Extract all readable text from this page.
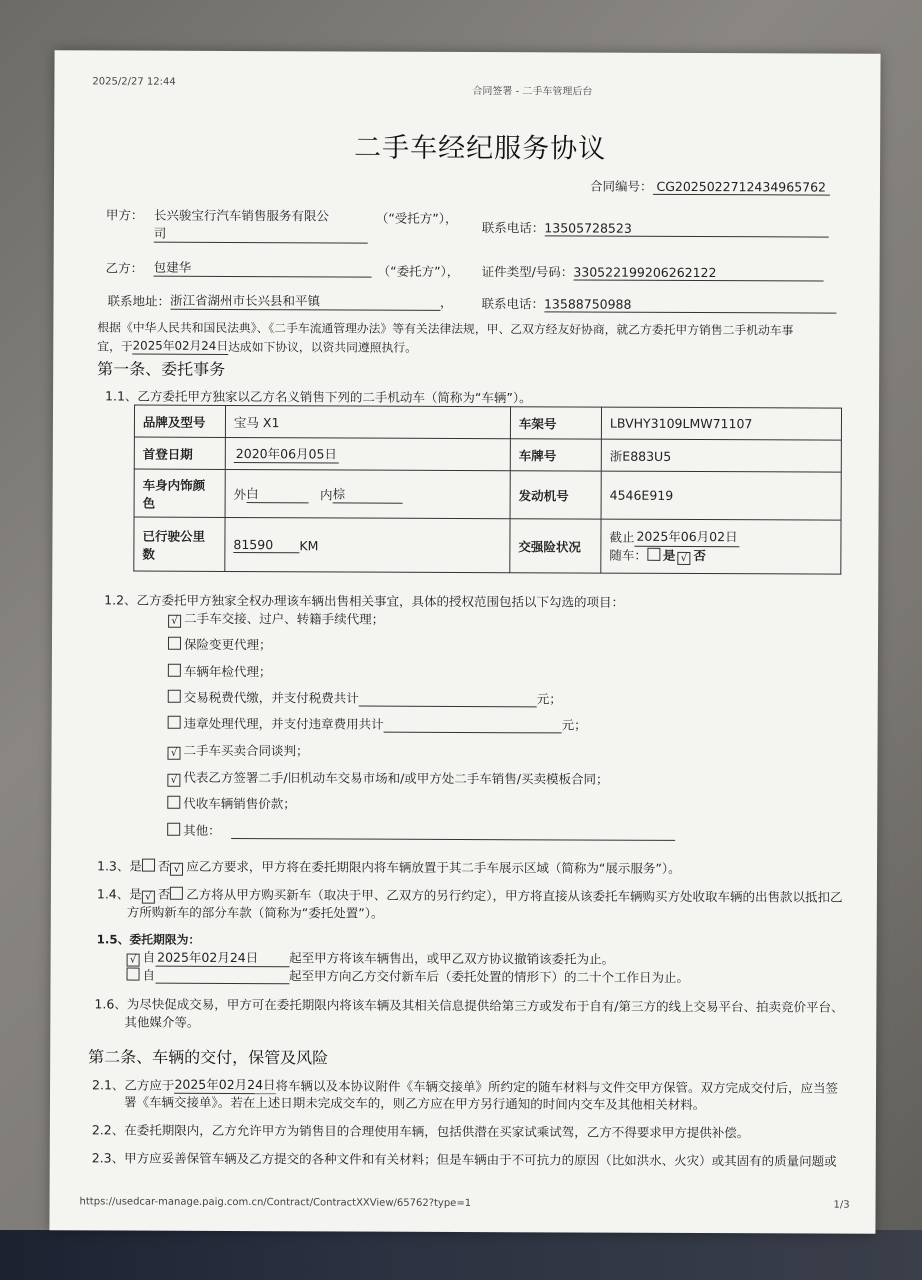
2025/2/27 12:44
合同签署 - 二手车管理后台
二手车经纪服务协议
合同编号： CG2025022712434965762
甲方： 长兴骏宝行汽车销售服务有限公
司
（“受托方”），
联系电话：13505728523
乙方： 包建华	（“委托方”）， 证件类型/号码：330522199206262122
联系地址：浙江省湖州市长兴县和平镇	， 联系电话：13588750988
根据《中华人民共和国民法典》、《二手车流通管理办法》等有关法律法规，甲、乙双方经友好协商，就乙方委托甲方销售二手机动车事
宜，于2025年02月24日达成如下协议，以资共同遵照执行。
第一条、委托事务
1.1、乙方委托甲方独家以乙方名义销售下列的二手机动车（简称为“车辆”）。
品牌及型号	宝马 X1	车架号	LBVHY3109LMW71107
首登日期	2020年06月05日	车牌号	浙E883U5
车身内饰颜色	外白 内棕	发动机号	4546E919
已行驶公里数	81590 KM	交强险状况	截止 2025年06月02日
随车： 是 √ 否
1.2、乙方委托甲方独家全权办理该车辆出售相关事宜，具体的授权范围包括以下勾选的项目：
√ 二手车交接、过户、转籍手续代理；
保险变更代理；
车辆年检代理；
交易税费代缴，并支付税费共计	元；
违章处理代理，并支付违章费用共计	元；
√ 二手车买卖合同谈判；
√ 代表乙方签署二手/旧机动车交易市场和/或甲方处二手车销售/买卖模板合同；
代收车辆销售价款；
其他：
1.3、是 否 √ 应乙方要求，甲方将在委托期限内将车辆放置于其二手车展示区域（简称为“展示服务”）。
1.4、是 √ 否 乙方将从甲方购买新车（取决于甲、乙双方的另行约定），甲方将直接从该委托车辆购买方处收取车辆的出售款以抵扣乙
方所购新车的部分车款（简称为“委托处置”）。
1.5、委托期限为：
√ 自 2025年02月24日 起至甲方将该车辆售出，或甲乙双方协议撤销该委托为止。
自	起至甲方向乙方交付新车后（委托处置的情形下）的二十个工作日为止。
1.6、为尽快促成交易，甲方可在委托期限内将该车辆及其相关信息提供给第三方或发布于自有/第三方的线上交易平台、拍卖竞价平台、
其他媒介等。
第二条、车辆的交付，保管及风险
2.1、乙方应于2025年02月24日将车辆以及本协议附件《车辆交接单》所约定的随车材料与文件交甲方保管。双方完成交付后，应当签
署《车辆交接单》。若在上述日期未完成交车的，则乙方应在甲方另行通知的时间内交车及其他相关材料。
2.2、在委托期限内，乙方允许甲方为销售目的合理使用车辆，包括供潜在买家试乘试驾，乙方不得要求甲方提供补偿。
2.3、甲方应妥善保管车辆及乙方提交的各种文件和有关材料；但是车辆由于不可抗力的原因（比如洪水、火灾）或其固有的质量问题或
https://usedcar-manage.paig.com.cn/Contract/ContractXXView/65762?type=1	1/3
